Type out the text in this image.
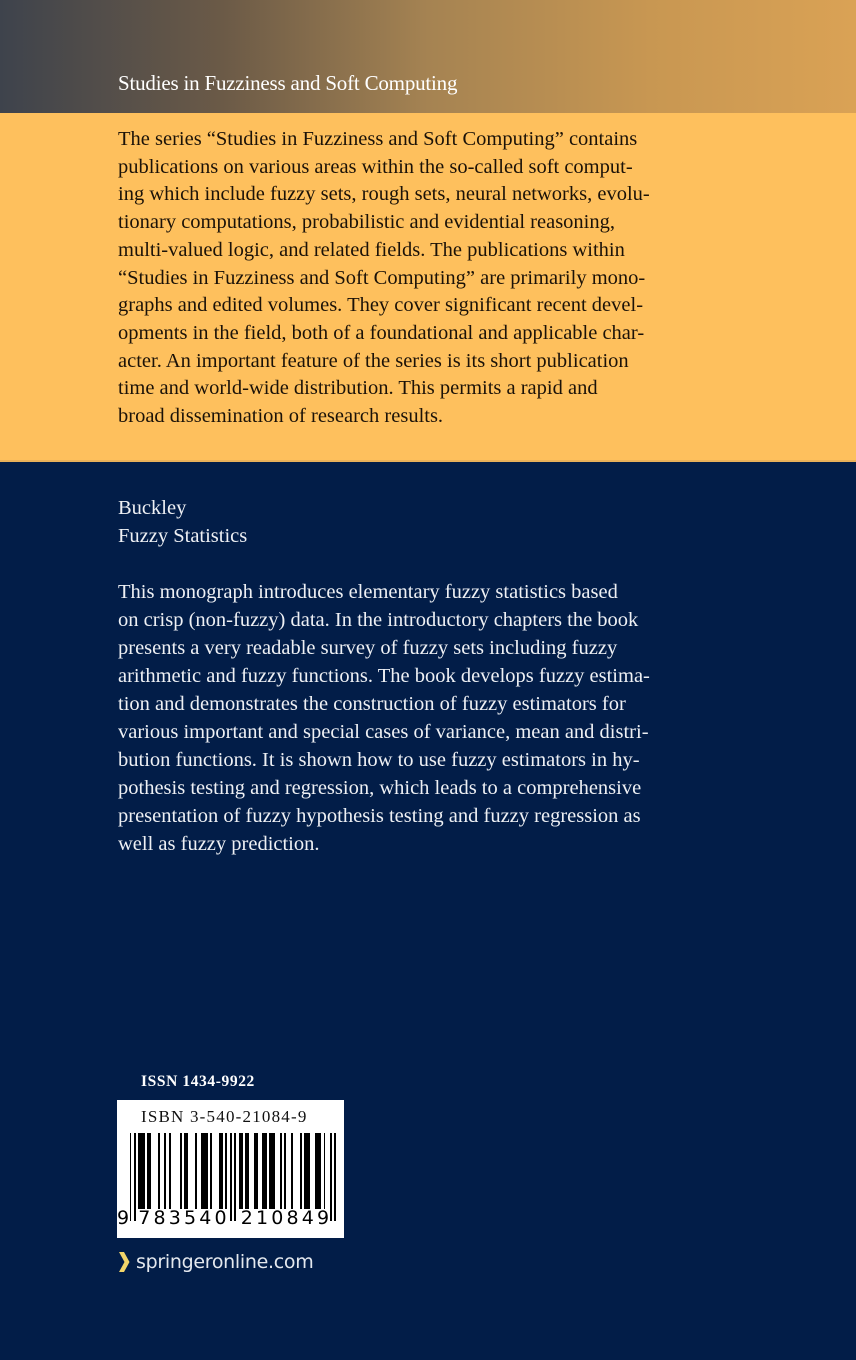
Studies in Fuzziness and Soft Computing
The series “Studies in Fuzziness and Soft Computing” contains
publications on various areas within the so-called soft comput-
ing which include fuzzy sets, rough sets, neural networks, evolu-
tionary computations, probabilistic and evidential reasoning,
multi-valued logic, and related fields. The publications within
“Studies in Fuzziness and Soft Computing” are primarily mono-
graphs and edited volumes. They cover significant recent devel-
opments in the field, both of a foundational and applicable char-
acter. An important feature of the series is its short publication
time and world-wide distribution. This permits a rapid and
broad dissemination of research results.
Buckley
Fuzzy Statistics
This monograph introduces elementary fuzzy statistics based
on crisp (non-fuzzy) data. In the introductory chapters the book
presents a very readable survey of fuzzy sets including fuzzy
arithmetic and fuzzy functions. The book develops fuzzy estima-
tion and demonstrates the construction of fuzzy estimators for
various important and special cases of variance, mean and distri-
bution functions. It is shown how to use fuzzy estimators in hy-
pothesis testing and regression, which leads to a comprehensive
presentation of fuzzy hypothesis testing and fuzzy regression as
well as fuzzy prediction.
ISSN 1434-9922
ISBN 3-540-21084-9
9 7 8 3 5 4 0 2 1 0 8 4 9
springeronline.com
